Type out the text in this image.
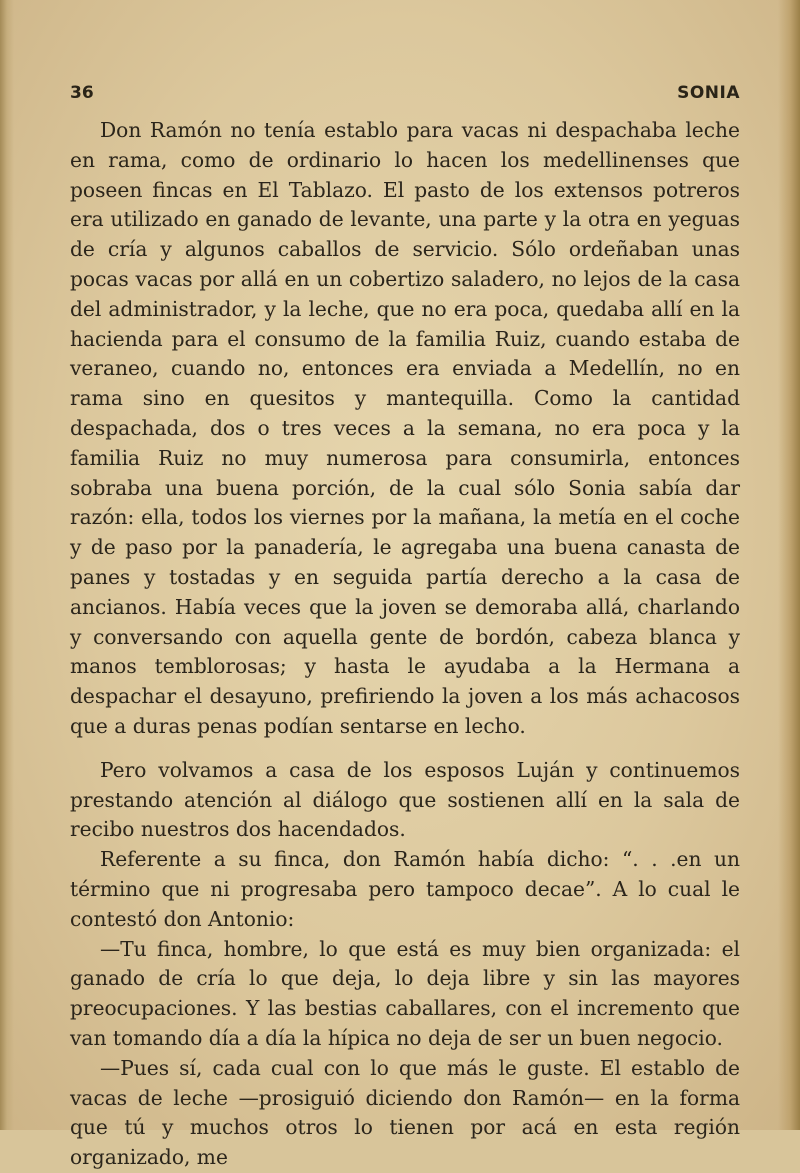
36	SONIA

Don Ramón no tenía establo para vacas ni despachaba leche en rama, como de ordinario lo hacen los medellinenses que poseen fincas en El Tablazo. El pasto de los extensos potreros era utilizado en ganado de levante, una parte y la otra en yeguas de cría y algunos caballos de servicio. Sólo ordeñaban unas pocas vacas por allá en un cobertizo saladero, no lejos de la casa del administrador, y la leche, que no era poca, quedaba allí en la hacienda para el consumo de la familia Ruiz, cuando estaba de veraneo, cuando no, entonces era enviada a Medellín, no en rama sino en quesitos y mantequilla. Como la cantidad despachada, dos o tres veces a la semana, no era poca y la familia Ruiz no muy numerosa para consumirla, entonces sobraba una buena porción, de la cual sólo Sonia sabía dar razón: ella, todos los viernes por la mañana, la metía en el coche y de paso por la panadería, le agregaba una buena canasta de panes y tostadas y en seguida partía derecho a la casa de ancianos. Había veces que la joven se demoraba allá, charlando y conversando con aquella gente de bordón, cabeza blanca y manos temblorosas; y hasta le ayudaba a la Hermana a despachar el desayuno, prefiriendo la joven a los más achacosos que a duras penas podían sentarse en lecho.

Pero volvamos a casa de los esposos Luján y continuemos prestando atención al diálogo que sostienen allí en la sala de recibo nuestros dos hacendados.

Referente a su finca, don Ramón había dicho: “. . .en un término que ni progresaba pero tampoco decae”. A lo cual le contestó don Antonio:

—Tu finca, hombre, lo que está es muy bien organizada: el ganado de cría lo que deja, lo deja libre y sin las mayores preocupaciones. Y las bestias caballares, con el incremento que van tomando día a día la hípica no deja de ser un buen negocio.

—Pues sí, cada cual con lo que más le guste. El establo de vacas de leche —prosiguió diciendo don Ramón— en la forma que tú y muchos otros lo tienen por acá en esta región organizado, me
